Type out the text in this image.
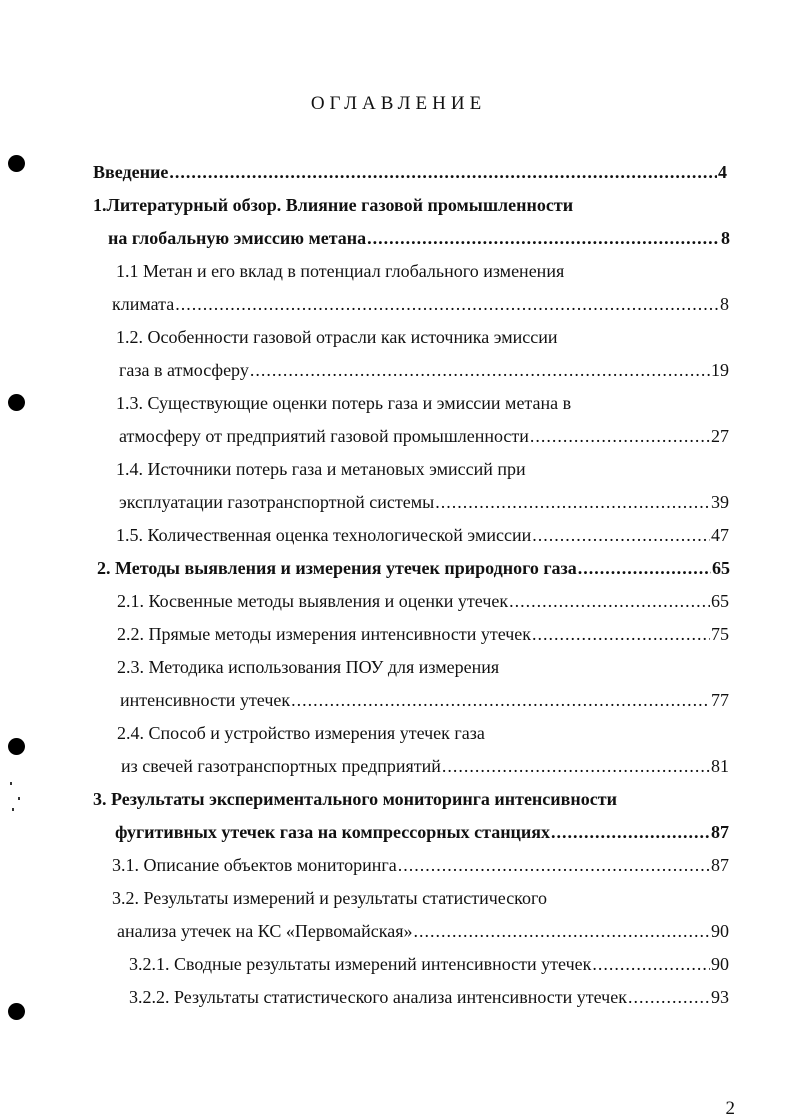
ОГЛАВЛЕНИЕ
Введение .....	4
1.Литературный обзор. Влияние газовой промышленности
на глобальную эмиссию метана .....	8
1.1 Метан и его вклад в потенциал глобального изменения
климата .....	8
1.2. Особенности газовой отрасли как источника эмиссии
газа в атмосферу .....	19
1.3. Существующие оценки потерь газа и эмиссии метана в
атмосферу от предприятий газовой промышленности .....	27
1.4. Источники потерь газа и метановых эмиссий при
эксплуатации газотранспортной системы .....	39
1.5. Количественная оценка технологической эмиссии .....	47
2. Методы выявления и измерения утечек природного газа .....	65
2.1. Косвенные методы выявления и оценки утечек .....	65
2.2. Прямые методы измерения интенсивности утечек .....	75
2.3. Методика использования ПОУ для измерения
интенсивности утечек .....	77
2.4. Способ и устройство измерения утечек газа
из свечей газотранспортных предприятий .....	81
3. Результаты экспериментального мониторинга интенсивности
фугитивных утечек газа на компрессорных станциях .....	87
3.1. Описание объектов мониторинга .....	87
3.2. Результаты измерений и результаты статистического
анализа утечек на КС «Первомайская» .....	90
3.2.1. Сводные результаты измерений интенсивности утечек .....	90
3.2.2. Результаты статистического анализа интенсивности утечек .....	93
2
